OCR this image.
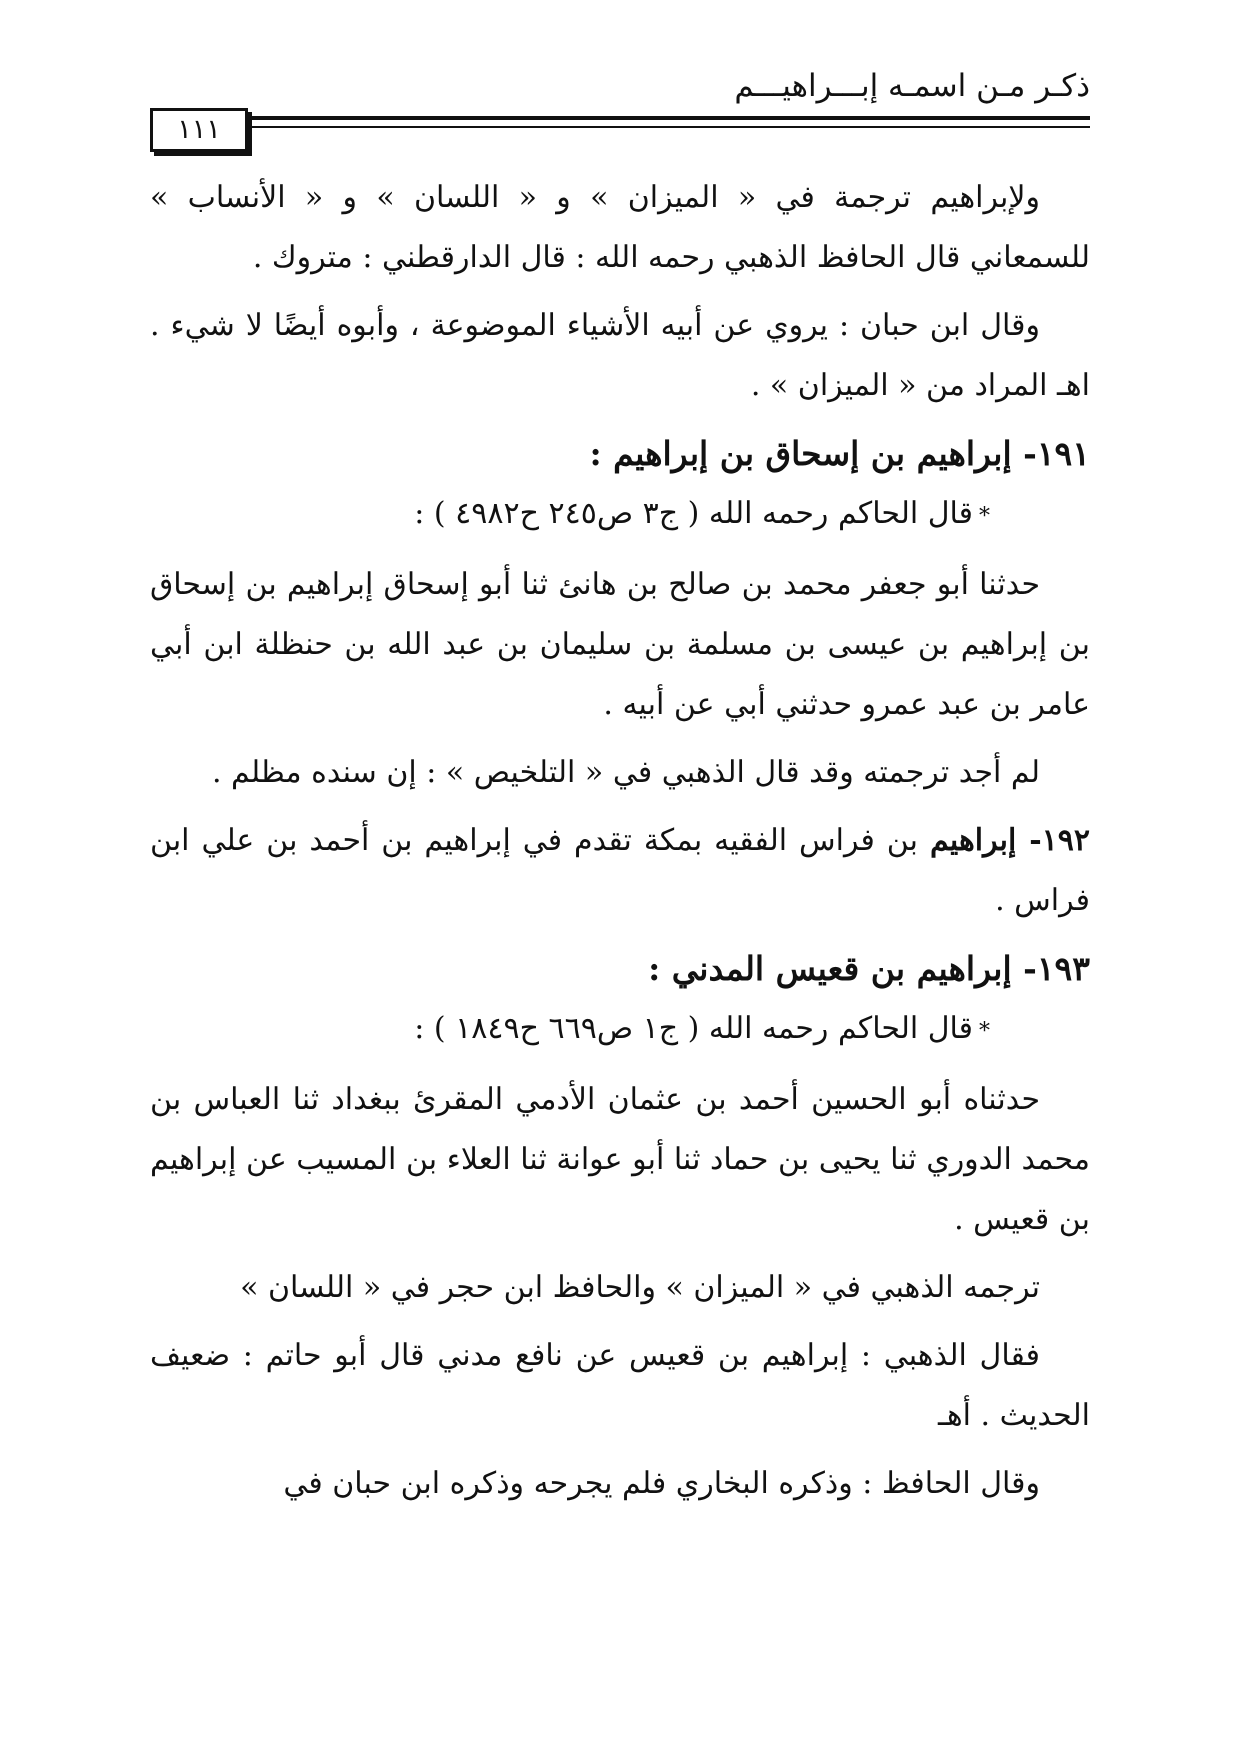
ذكـر مـن اسمـه إبـــراهيـــم
١١١

ولإبراهيم ترجمة في « الميزان » و « اللسان » و « الأنساب » للسمعاني قال الحافظ الذهبي رحمه الله : قال الدارقطني : متروك .

وقال ابن حبان : يروي عن أبيه الأشياء الموضوعة ، وأبوه أيضًا لا شيء . اهـ المراد من « الميزان » .

١٩١- إبراهيم بن إسحاق بن إبراهيم :

*قال الحاكم رحمه الله ( ج٣ ص٢٤٥ ح٤٩٨٢ ) :

حدثنا أبو جعفر محمد بن صالح بن هانئ ثنا أبو إسحاق إبراهيم بن إسحاق بن إبراهيم بن عيسى بن مسلمة بن سليمان بن عبد الله بن حنظلة ابن أبي عامر بن عبد عمرو حدثني أبي عن أبيه .

لم أجد ترجمته وقد قال الذهبي في « التلخيص » : إن سنده مظلم .

١٩٢- إبراهيم بن فراس الفقيه بمكة تقدم في إبراهيم بن أحمد بن علي ابن فراس .

١٩٣- إبراهيم بن قعيس المدني :

*قال الحاكم رحمه الله ( ج١ ص٦٦٩ ح١٨٤٩ ) :

حدثناه أبو الحسين أحمد بن عثمان الأدمي المقرئ ببغداد ثنا العباس بن محمد الدوري ثنا يحيى بن حماد ثنا أبو عوانة ثنا العلاء بن المسيب عن إبراهيم بن قعيس .

ترجمه الذهبي في « الميزان » والحافظ ابن حجر في « اللسان »

فقال الذهبي : إبراهيم بن قعيس عن نافع مدني قال أبو حاتم : ضعيف الحديث . أهـ

وقال الحافظ : وذكره البخاري فلم يجرحه وذكره ابن حبان في
